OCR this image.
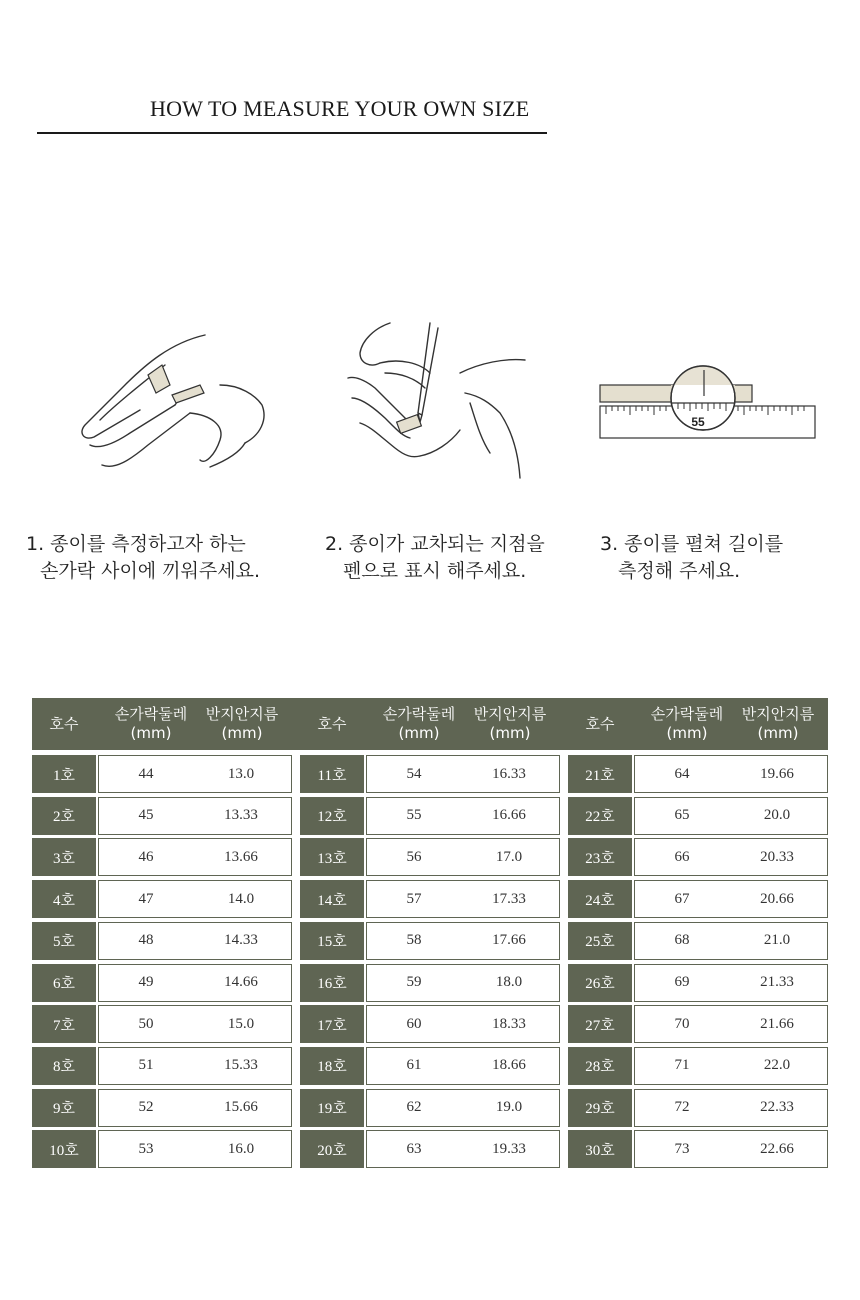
HOW TO MEASURE YOUR OWN SIZE
55
1. 종이를 측정하고자 하는
손가락 사이에 끼워주세요.
2. 종이가 교차되는 지점을
펜으로 표시 해주세요.
3. 종이를 펼쳐 길이를
측정해 주세요.
호수
손가락둘레
(mm)
반지안지름
(mm)
1호	44	13.0
2호	45	13.33
3호	46	13.66
4호	47	14.0
5호	48	14.33
6호	49	14.66
7호	50	15.0
8호	51	15.33
9호	52	15.66
10호	53	16.0
호수
손가락둘레
(mm)
반지안지름
(mm)
11호	54	16.33
12호	55	16.66
13호	56	17.0
14호	57	17.33
15호	58	17.66
16호	59	18.0
17호	60	18.33
18호	61	18.66
19호	62	19.0
20호	63	19.33
호수
손가락둘레
(mm)
반지안지름
(mm)
21호	64	19.66
22호	65	20.0
23호	66	20.33
24호	67	20.66
25호	68	21.0
26호	69	21.33
27호	70	21.66
28호	71	22.0
29호	72	22.33
30호	73	22.66
